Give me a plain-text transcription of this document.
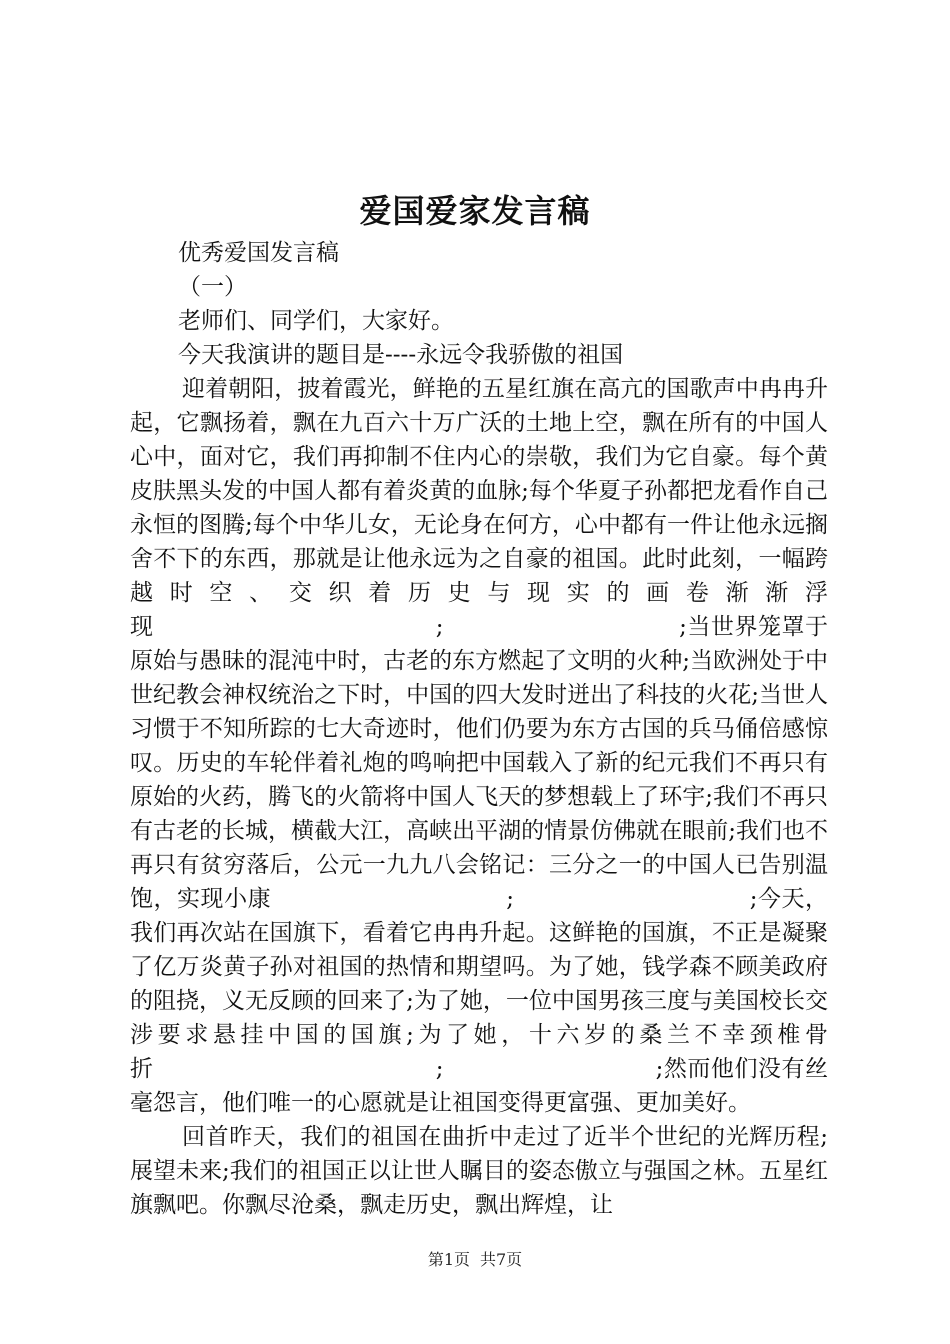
爱国爱家发言稿

优秀爱国发言稿

（一）

老师们、同学们，大家好。

今天我演讲的题目是----永远令我骄傲的祖国

迎着朝阳，披着霞光，鲜艳的五星红旗在高亢的国歌声中冉冉升起，它飘扬着，飘在九百六十万广沃的土地上空，飘在所有的中国人心中，面对它，我们再抑制不住内心的崇敬，我们为它自豪。每个黄皮肤黑头发的中国人都有着炎黄的血脉;每个华夏子孙都把龙看作自己永恒的图腾;每个中华儿女，无论身在何方，心中都有一件让他永远搁舍不下的东西，那就是让他永远为之自豪的祖国。此时此刻，一幅跨越时空、交织着历史与现实的画卷渐渐浮现　　　　　　　　　　　　;　　　　　　　　　　;当世界笼罩于原始与愚昧的混沌中时，古老的东方燃起了文明的火种;当欧洲处于中世纪教会神权统治之下时，中国的四大发时迸出了科技的火花;当世人习惯于不知所踪的七大奇迹时，他们仍要为东方古国的兵马俑倍感惊叹。历史的车轮伴着礼炮的鸣响把中国载入了新的纪元我们不再只有原始的火药，腾飞的火箭将中国人飞天的梦想载上了环宇;我们不再只有古老的长城，横截大江，高峡出平湖的情景仿佛就在眼前;我们也不再只有贫穷落后，公元一九九八会铭记：三分之一的中国人已告别温饱，实现小康　　　　　　　　　　;　　　　　　　　　　;今天，我们再次站在国旗下，看着它冉冉升起。这鲜艳的国旗，不正是凝聚了亿万炎黄子孙对祖国的热情和期望吗。为了她，钱学森不顾美政府的阻挠，义无反顾的回来了;为了她，一位中国男孩三度与美国校长交涉要求悬挂中国的国旗;为了她，十六岁的桑兰不幸颈椎骨折　　　　　　　　　　　　;　　　　　　　　　;然而他们没有丝毫怨言，他们唯一的心愿就是让祖国变得更富强、更加美好。

回首昨天，我们的祖国在曲折中走过了近半个世纪的光辉历程;展望未来;我们的祖国正以让世人瞩目的姿态傲立与强国之林。五星红旗飘吧。你飘尽沧桑，飘走历史，飘出辉煌，让

第1页 共7页
